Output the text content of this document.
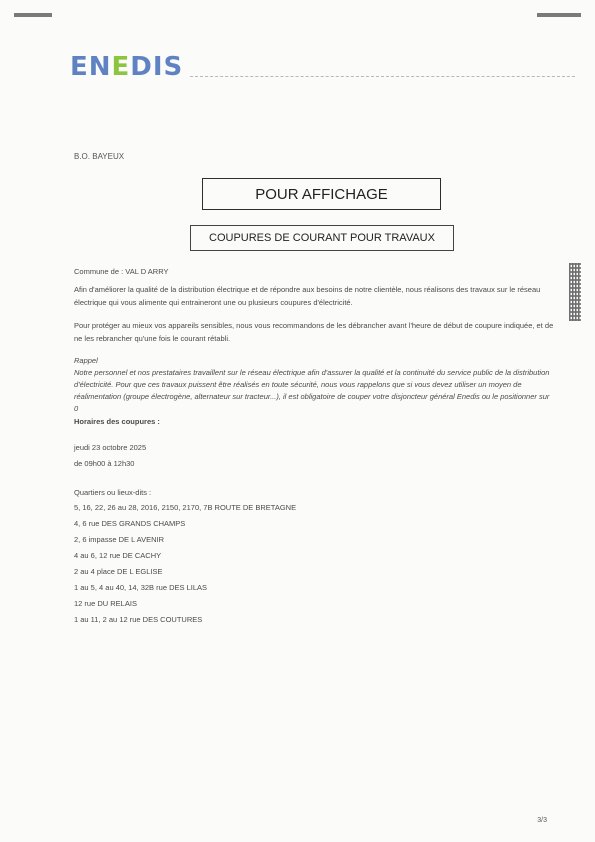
ENEDIS
B.O. BAYEUX
POUR AFFICHAGE
COUPURES DE COURANT POUR TRAVAUX
Commune de : VAL D ARRY
Afin d'améliorer la qualité de la distribution électrique et de répondre aux besoins de notre clientèle, nous réalisons des travaux sur le réseau électrique qui vous alimente qui entraineront une ou plusieurs coupures d'électricité.
Pour protéger au mieux vos appareils sensibles, nous vous recommandons de les débrancher avant l'heure de début de coupure indiquée, et de ne les rebrancher qu'une fois le courant rétabli.
Rappel
Notre personnel et nos prestataires travaillent sur le réseau électrique afin d'assurer la qualité et la continuité du service public de la distribution d'électricité. Pour que ces travaux puissent être réalisés en toute sécurité, nous vous rappelons que si vous devez utiliser un moyen de réalimentation (groupe électrogène, alternateur sur tracteur...), il est obligatoire de couper votre disjoncteur général Enedis ou le positionner sur 0
Horaires des coupures :
jeudi 23 octobre 2025
de 09h00 à 12h30
Quartiers ou lieux-dits :
5, 16, 22, 26 au 28, 2016, 2150, 2170, 7B ROUTE DE BRETAGNE
4, 6 rue DES GRANDS CHAMPS
2, 6 impasse DE L AVENIR
4 au 6, 12 rue DE CACHY
2 au 4 place DE L EGLISE
1 au 5, 4 au 40, 14, 32B rue DES LILAS
12 rue DU RELAIS
1 au 11, 2 au 12 rue DES COUTURES
3/3
